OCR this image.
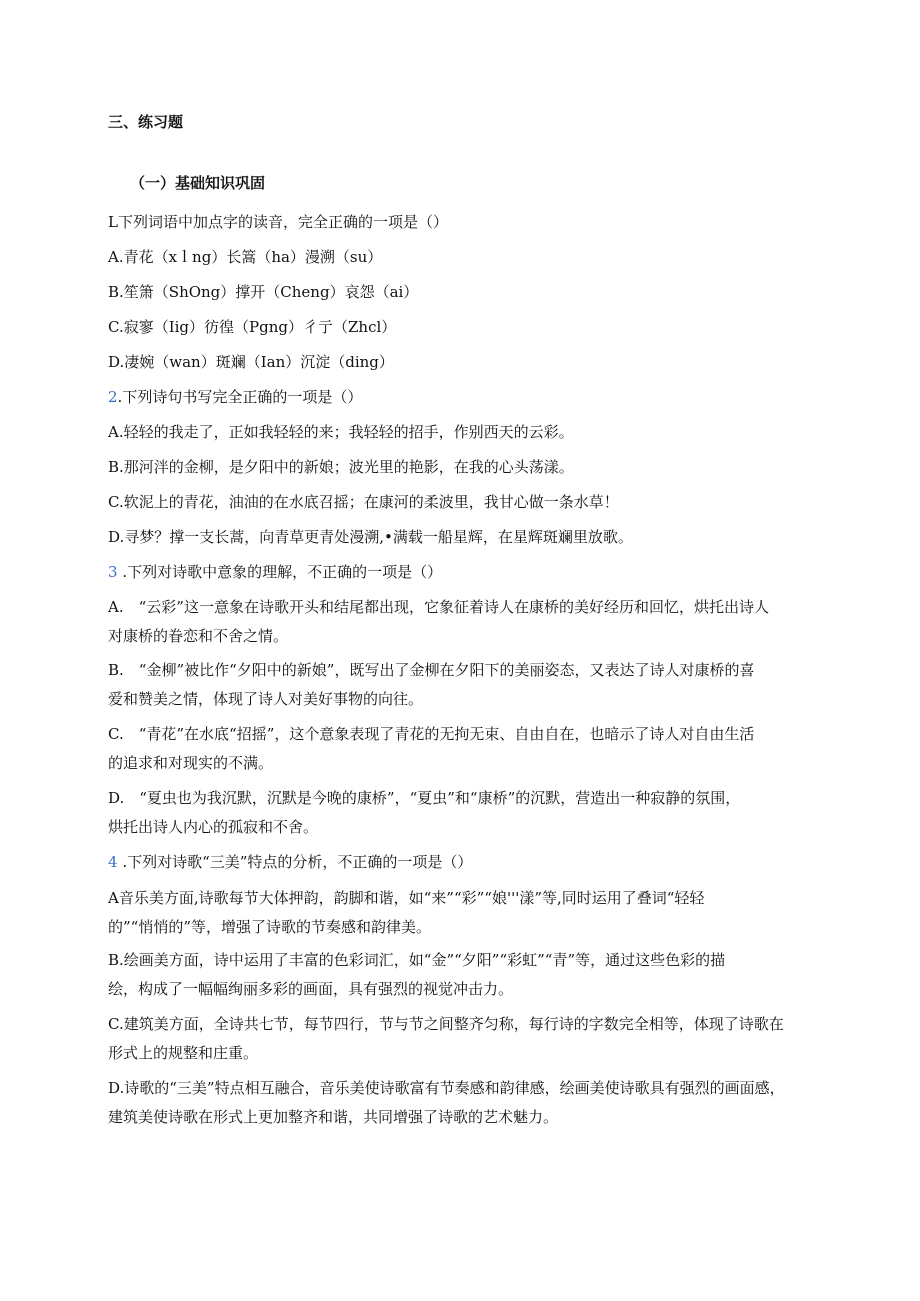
三、练习题
（一）基础知识巩固
L下列词语中加点字的读音，完全正确的一项是（）
A.青花（xｌng）长篙（ha）漫溯（su）
B.笙箫（ShOng）撑开（Cheng）哀怨（ai）
C.寂寥（Iig）彷徨（Pgng）彳亍（Zhcl）
D.凄婉（wan）斑斓（Ian）沉淀（ding）
2.下列诗句书写完全正确的一项是（）
A.轻轻的我走了，正如我轻轻的来；我轻轻的招手，作别西天的云彩。
B.那河泮的金柳，是夕阳中的新娘；波光里的艳影，在我的心头荡漾。
C.软泥上的青花，油油的在水底召摇；在康河的柔波里，我甘心做一条水草！
D.寻梦？撑一支长蒿，向青草更青处漫溯,•满载一船星辉，在星辉斑斓里放歌。
3 .下列对诗歌中意象的理解，不正确的一项是（）
A.　“云彩”这一意象在诗歌开头和结尾都出现，它象征着诗人在康桥的美好经历和回忆，烘托出诗人
对康桥的眷恋和不舍之情。
B.　“金柳”被比作“夕阳中的新娘”，既写出了金柳在夕阳下的美丽姿态，又表达了诗人对康桥的喜
爱和赞美之情，体现了诗人对美好事物的向往。
C.　“青花”在水底“招摇”，这个意象表现了青花的无拘无束、自由自在，也暗示了诗人对自由生活
的追求和对现实的不满。
D.　“夏虫也为我沉默，沉默是今晚的康桥”，“夏虫”和“康桥”的沉默，营造出一种寂静的氛围，
烘托出诗人内心的孤寂和不舍。
4 .下列对诗歌“三美”特点的分析，不正确的一项是（）
A音乐美方面,诗歌每节大体押韵，韵脚和谐，如“来”“彩”“娘'''漾”等,同时运用了叠词“轻轻
的”“悄悄的”等，增强了诗歌的节奏感和韵律美。
B.绘画美方面，诗中运用了丰富的色彩词汇，如“金”“夕阳”“彩虹”“青”等，通过这些色彩的描
绘，构成了一幅幅绚丽多彩的画面，具有强烈的视觉冲击力。
C.建筑美方面，全诗共七节，每节四行，节与节之间整齐匀称，每行诗的字数完全相等，体现了诗歌在
形式上的规整和庄重。
D.诗歌的“三美”特点相互融合，音乐美使诗歌富有节奏感和韵律感，绘画美使诗歌具有强烈的画面感，
建筑美使诗歌在形式上更加整齐和谐，共同增强了诗歌的艺术魅力。
